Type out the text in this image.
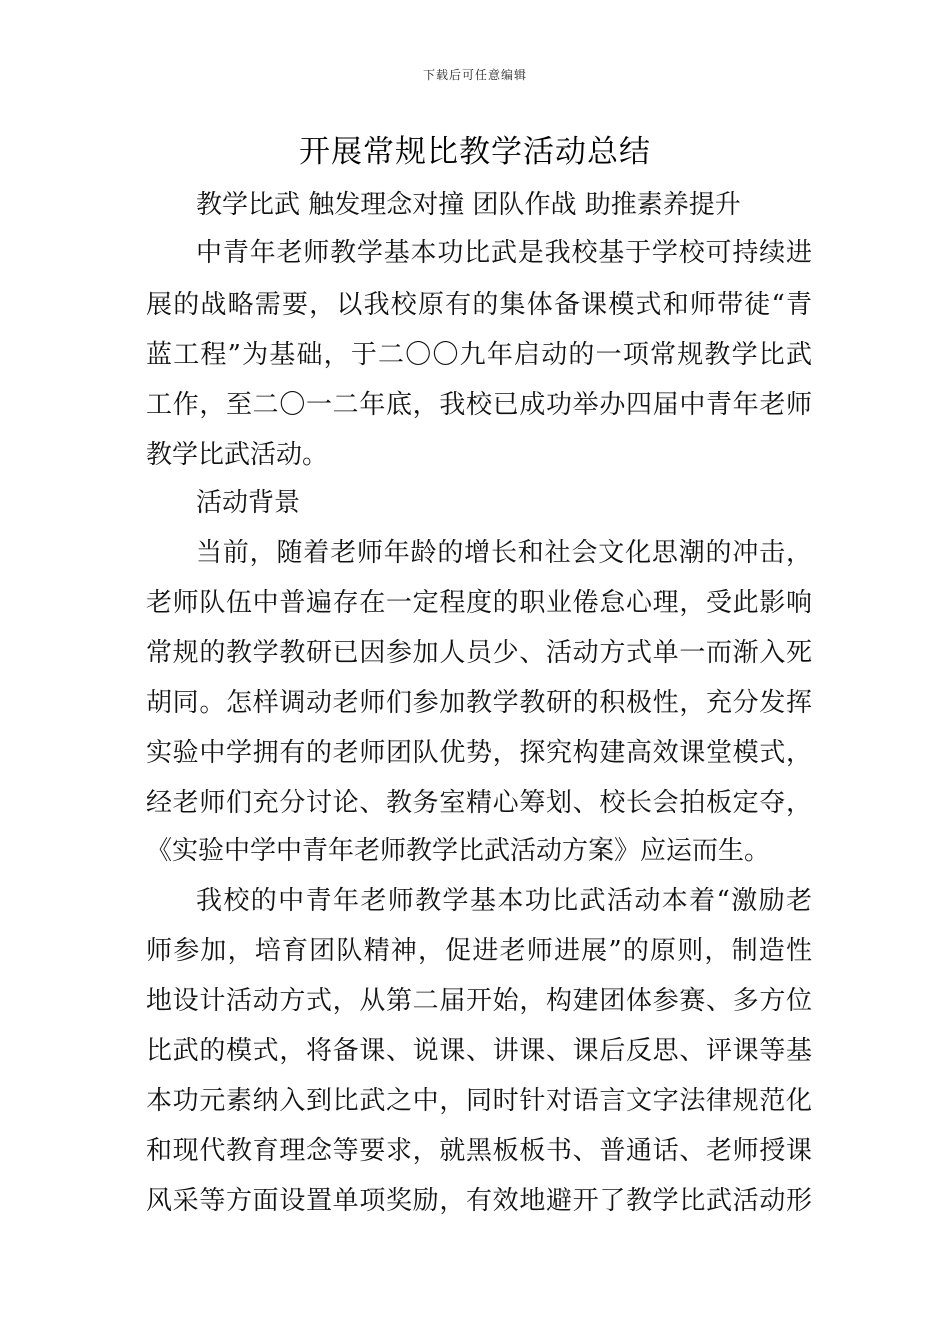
下载后可任意编辑
开展常规比教学活动总结
教学比武 触发理念对撞 团队作战 助推素养提升
中青年老师教学基本功比武是我校基于学校可持续进
展的战略需要，以我校原有的集体备课模式和师带徒“青
蓝工程”为基础，于二〇〇九年启动的一项常规教学比武
工作，至二〇一二年底，我校已成功举办四届中青年老师
教学比武活动。
活动背景
当前，随着老师年龄的增长和社会文化思潮的冲击，
老师队伍中普遍存在一定程度的职业倦怠心理，受此影响
常规的教学教研已因参加人员少、活动方式单一而渐入死
胡同。怎样调动老师们参加教学教研的积极性，充分发挥
实验中学拥有的老师团队优势，探究构建高效课堂模式，
经老师们充分讨论、教务室精心筹划、校长会拍板定夺，
《实验中学中青年老师教学比武活动方案》应运而生。
我校的中青年老师教学基本功比武活动本着“激励老
师参加，培育团队精神，促进老师进展”的原则，制造性
地设计活动方式，从第二届开始，构建团体参赛、多方位
比武的模式，将备课、说课、讲课、课后反思、评课等基
本功元素纳入到比武之中，同时针对语言文字法律规范化
和现代教育理念等要求，就黑板板书、普通话、老师授课
风采等方面设置单项奖励，有效地避开了教学比武活动形
